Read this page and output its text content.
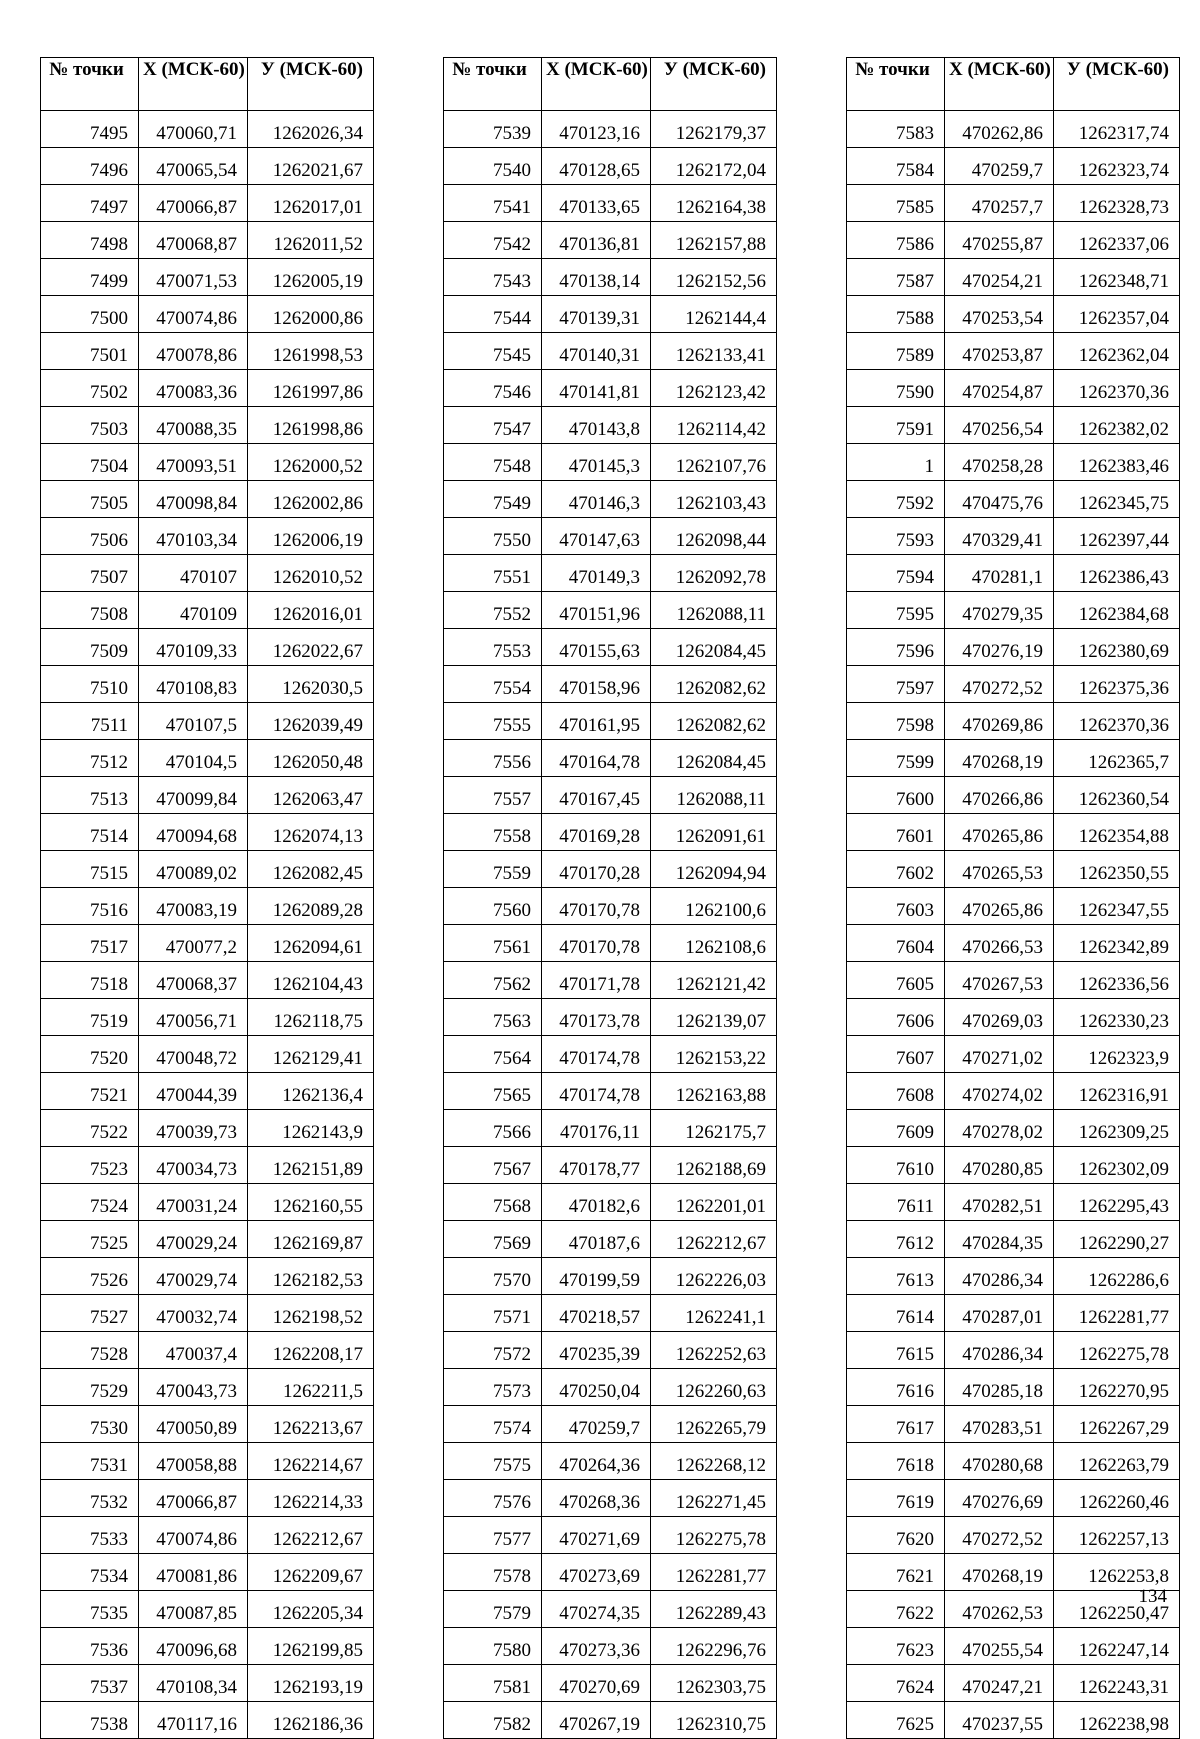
№ точки	X (МСК-60)	У (МСК-60)
7495	470060,71	1262026,34
7496	470065,54	1262021,67
7497	470066,87	1262017,01
7498	470068,87	1262011,52
7499	470071,53	1262005,19
7500	470074,86	1262000,86
7501	470078,86	1261998,53
7502	470083,36	1261997,86
7503	470088,35	1261998,86
7504	470093,51	1262000,52
7505	470098,84	1262002,86
7506	470103,34	1262006,19
7507	470107	1262010,52
7508	470109	1262016,01
7509	470109,33	1262022,67
7510	470108,83	1262030,5
7511	470107,5	1262039,49
7512	470104,5	1262050,48
7513	470099,84	1262063,47
7514	470094,68	1262074,13
7515	470089,02	1262082,45
7516	470083,19	1262089,28
7517	470077,2	1262094,61
7518	470068,37	1262104,43
7519	470056,71	1262118,75
7520	470048,72	1262129,41
7521	470044,39	1262136,4
7522	470039,73	1262143,9
7523	470034,73	1262151,89
7524	470031,24	1262160,55
7525	470029,24	1262169,87
7526	470029,74	1262182,53
7527	470032,74	1262198,52
7528	470037,4	1262208,17
7529	470043,73	1262211,5
7530	470050,89	1262213,67
7531	470058,88	1262214,67
7532	470066,87	1262214,33
7533	470074,86	1262212,67
7534	470081,86	1262209,67
7535	470087,85	1262205,34
7536	470096,68	1262199,85
7537	470108,34	1262193,19
7538	470117,16	1262186,36
№ точки	X (МСК-60)	У (МСК-60)
7539	470123,16	1262179,37
7540	470128,65	1262172,04
7541	470133,65	1262164,38
7542	470136,81	1262157,88
7543	470138,14	1262152,56
7544	470139,31	1262144,4
7545	470140,31	1262133,41
7546	470141,81	1262123,42
7547	470143,8	1262114,42
7548	470145,3	1262107,76
7549	470146,3	1262103,43
7550	470147,63	1262098,44
7551	470149,3	1262092,78
7552	470151,96	1262088,11
7553	470155,63	1262084,45
7554	470158,96	1262082,62
7555	470161,95	1262082,62
7556	470164,78	1262084,45
7557	470167,45	1262088,11
7558	470169,28	1262091,61
7559	470170,28	1262094,94
7560	470170,78	1262100,6
7561	470170,78	1262108,6
7562	470171,78	1262121,42
7563	470173,78	1262139,07
7564	470174,78	1262153,22
7565	470174,78	1262163,88
7566	470176,11	1262175,7
7567	470178,77	1262188,69
7568	470182,6	1262201,01
7569	470187,6	1262212,67
7570	470199,59	1262226,03
7571	470218,57	1262241,1
7572	470235,39	1262252,63
7573	470250,04	1262260,63
7574	470259,7	1262265,79
7575	470264,36	1262268,12
7576	470268,36	1262271,45
7577	470271,69	1262275,78
7578	470273,69	1262281,77
7579	470274,35	1262289,43
7580	470273,36	1262296,76
7581	470270,69	1262303,75
7582	470267,19	1262310,75
№ точки	X (МСК-60)	У (МСК-60)
7583	470262,86	1262317,74
7584	470259,7	1262323,74
7585	470257,7	1262328,73
7586	470255,87	1262337,06
7587	470254,21	1262348,71
7588	470253,54	1262357,04
7589	470253,87	1262362,04
7590	470254,87	1262370,36
7591	470256,54	1262382,02
1	470258,28	1262383,46
7592	470475,76	1262345,75
7593	470329,41	1262397,44
7594	470281,1	1262386,43
7595	470279,35	1262384,68
7596	470276,19	1262380,69
7597	470272,52	1262375,36
7598	470269,86	1262370,36
7599	470268,19	1262365,7
7600	470266,86	1262360,54
7601	470265,86	1262354,88
7602	470265,53	1262350,55
7603	470265,86	1262347,55
7604	470266,53	1262342,89
7605	470267,53	1262336,56
7606	470269,03	1262330,23
7607	470271,02	1262323,9
7608	470274,02	1262316,91
7609	470278,02	1262309,25
7610	470280,85	1262302,09
7611	470282,51	1262295,43
7612	470284,35	1262290,27
7613	470286,34	1262286,6
7614	470287,01	1262281,77
7615	470286,34	1262275,78
7616	470285,18	1262270,95
7617	470283,51	1262267,29
7618	470280,68	1262263,79
7619	470276,69	1262260,46
7620	470272,52	1262257,13
7621	470268,19	1262253,8
7622	470262,53	1262250,47
7623	470255,54	1262247,14
7624	470247,21	1262243,31
7625	470237,55	1262238,98
134
